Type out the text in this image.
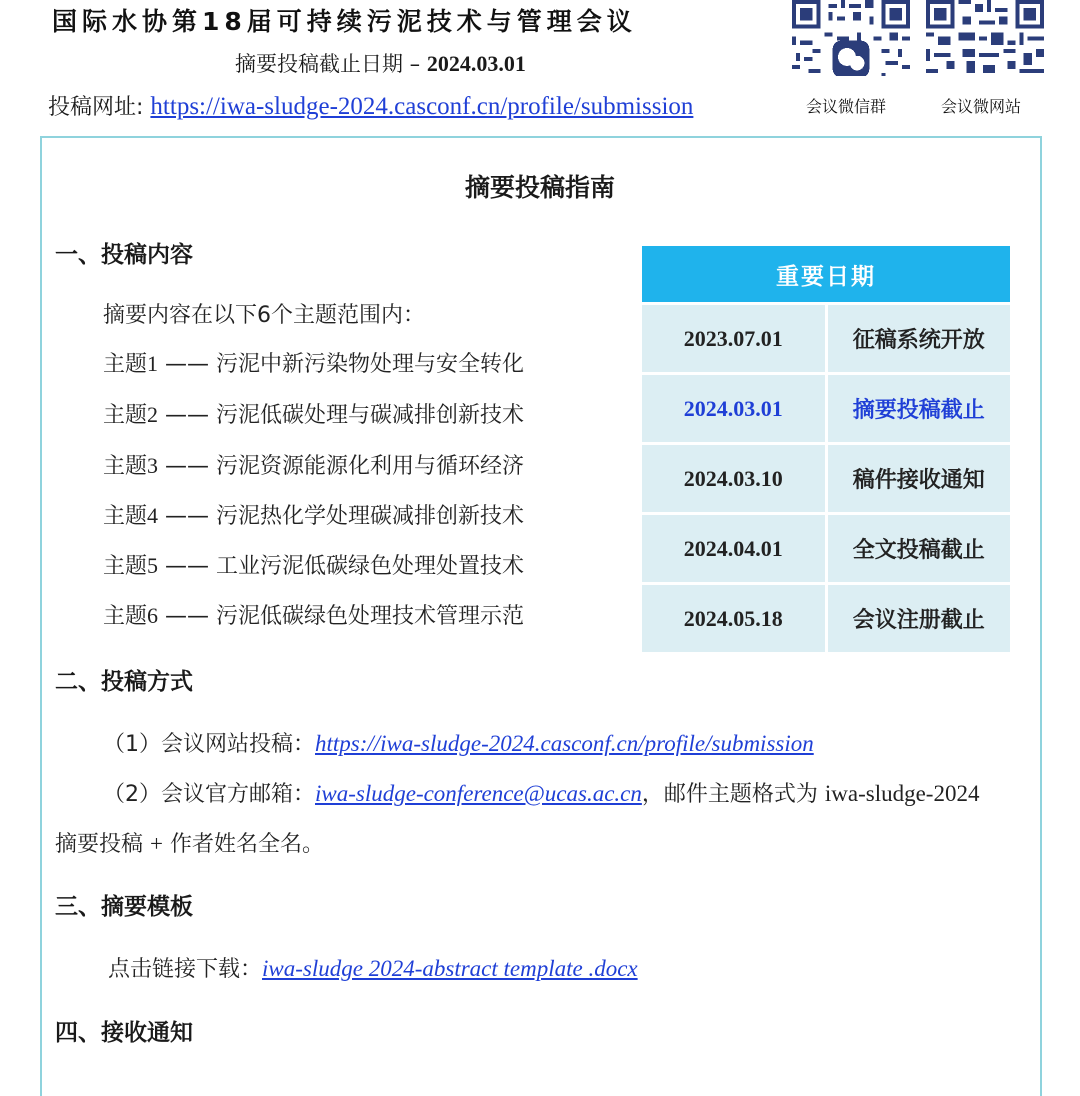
国际水协第18届可持续污泥技术与管理会议
摘要投稿截止日期 – 2024.03.01
投稿网址: https://iwa-sludge-2024.casconf.cn/profile/submission	会议微信群	会议微网站
摘要投稿指南
一、投稿内容
摘要内容在以下6个主题范围内：
主题1 —— 污泥中新污染物处理与安全转化
主题2 —— 污泥低碳处理与碳减排创新技术
主题3 —— 污泥资源能源化利用与循环经济
主题4 —— 污泥热化学处理碳减排创新技术
主题5 —— 工业污泥低碳绿色处理处置技术
主题6 —— 污泥低碳绿色处理技术管理示范
重要日期	
2023.07.01	征稿系统开放
2024.03.01	摘要投稿截止
2024.03.10	稿件接收通知
2024.04.01	全文投稿截止
2024.05.18	会议注册截止
二、投稿方式
（1）会议网站投稿：https://iwa-sludge-2024.casconf.cn/profile/submission
（2）会议官方邮箱：iwa-sludge-conference@ucas.ac.cn，邮件主题格式为 iwa-sludge-2024
摘要投稿 + 作者姓名全名。
三、摘要模板
点击链接下载：iwa-sludge 2024-abstract template .docx
四、接收通知
